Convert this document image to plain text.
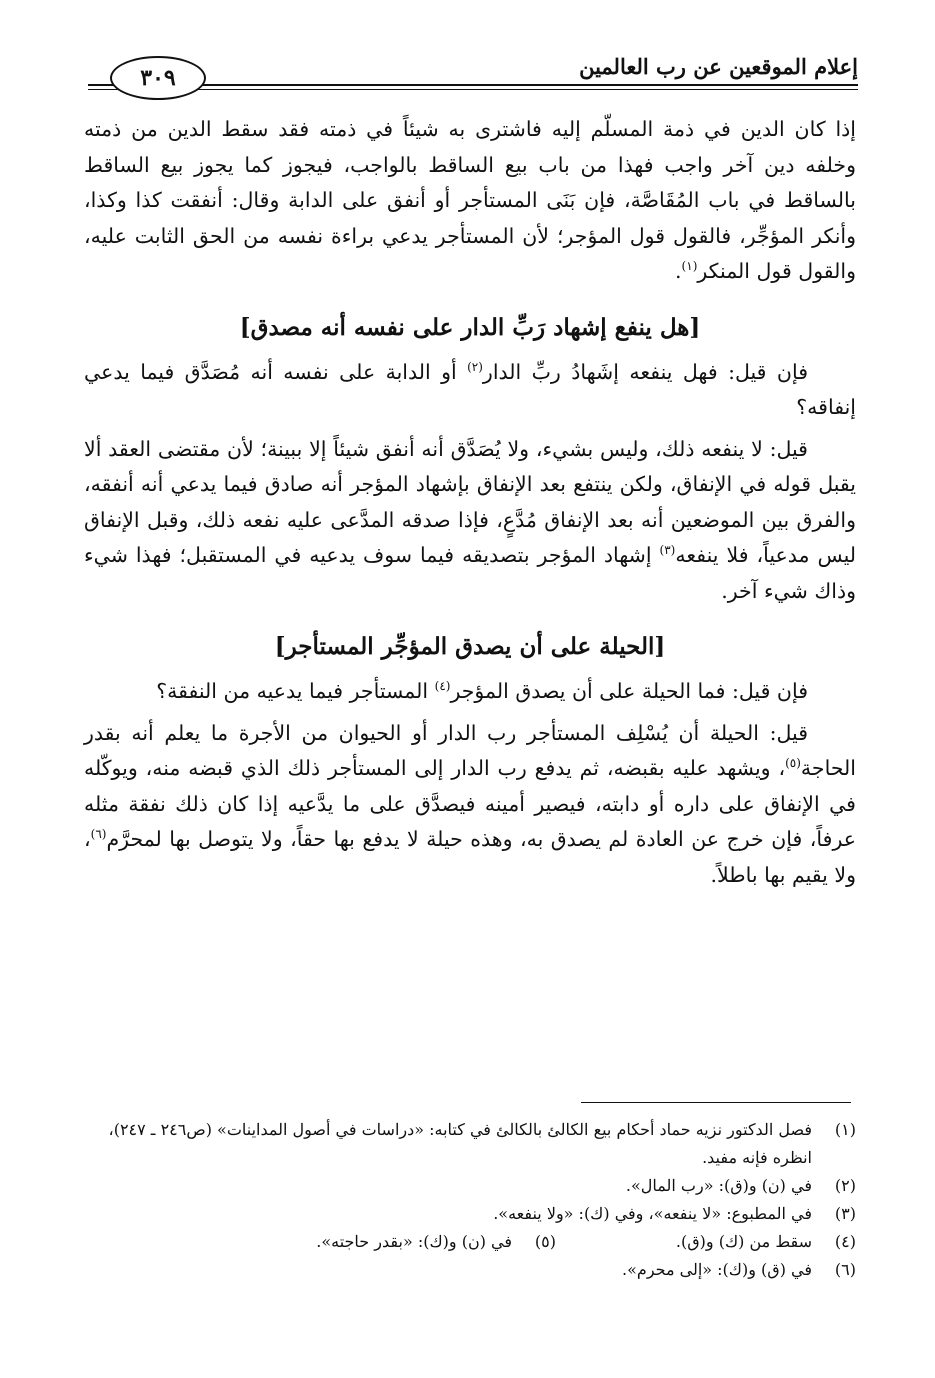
إعلام الموقعين عن رب العالمين
٣٠٩

إذا كان الدين في ذمة المسلّم إليه فاشترى به شيئاً في ذمته فقد سقط الدين من ذمته وخلفه دين آخر واجب فهذا من باب بيع الساقط بالواجب، فيجوز كما يجوز بيع الساقط بالساقط في باب المُقَاصَّة، فإن بَنَى المستأجر أو أنفق على الدابة وقال: أنفقت كذا وكذا، وأنكر المؤجِّر، فالقول قول المؤجر؛ لأن المستأجر يدعي براءة نفسه من الحق الثابت عليه، والقول قول المنكر$^{(١)}$.

[هل ينفع إشهاد رَبِّ الدار على نفسه أنه مصدق]

فإن قيل: فهل ينفعه إشَهادُ ربِّ الدار$^{(٢)}$ أو الدابة على نفسه أنه مُصَدَّق فيما يدعي إنفاقه؟

قيل: لا ينفعه ذلك، وليس بشيء، ولا يُصَدَّق أنه أنفق شيئاً إلا ببينة؛ لأن مقتضى العقد ألا يقبل قوله في الإنفاق، ولكن ينتفع بعد الإنفاق بإشهاد المؤجر أنه صادق فيما يدعي أنه أنفقه، والفرق بين الموضعين أنه بعد الإنفاق مُدَّعٍ، فإذا صدقه المدَّعى عليه نفعه ذلك، وقبل الإنفاق ليس مدعياً، فلا ينفعه$^{(٣)}$ إشهاد المؤجر بتصديقه فيما سوف يدعيه في المستقبل؛ فهذا شيء وذاك شيء آخر.

[الحيلة على أن يصدق المؤجِّر المستأجر]

فإن قيل: فما الحيلة على أن يصدق المؤجر$^{(٤)}$ المستأجر فيما يدعيه من النفقة؟

قيل: الحيلة أن يُسْلِف المستأجر رب الدار أو الحيوان من الأجرة ما يعلم أنه بقدر الحاجة$^{(٥)}$، ويشهد عليه بقبضه، ثم يدفع رب الدار إلى المستأجر ذلك الذي قبضه منه، ويوكّله في الإنفاق على داره أو دابته، فيصير أمينه فيصدَّق على ما يدَّعيه إذا كان ذلك نفقة مثله عرفاً، فإن خرج عن العادة لم يصدق به، وهذه حيلة لا يدفع بها حقاً، ولا يتوصل بها لمحرَّم$^{(٦)}$، ولا يقيم بها باطلاً.

(١)
فصل الدكتور نزيه حماد أحكام بيع الكالئ بالكالئ في كتابه: «دراسات في أصول المداينات» (ص٢٤٦ ـ ٢٤٧)، انظره فإنه مفيد.
(٢)
في (ن) و(ق): «رب المال».
(٣)
في المطبوع: «لا ينفعه»، وفي (ك): «ولا ينفعه».
(٤)
سقط من (ك) و(ق).
(٥)
في (ن) و(ك): «بقدر حاجته».
(٦)
في (ق) و(ك): «إلى محرم».
